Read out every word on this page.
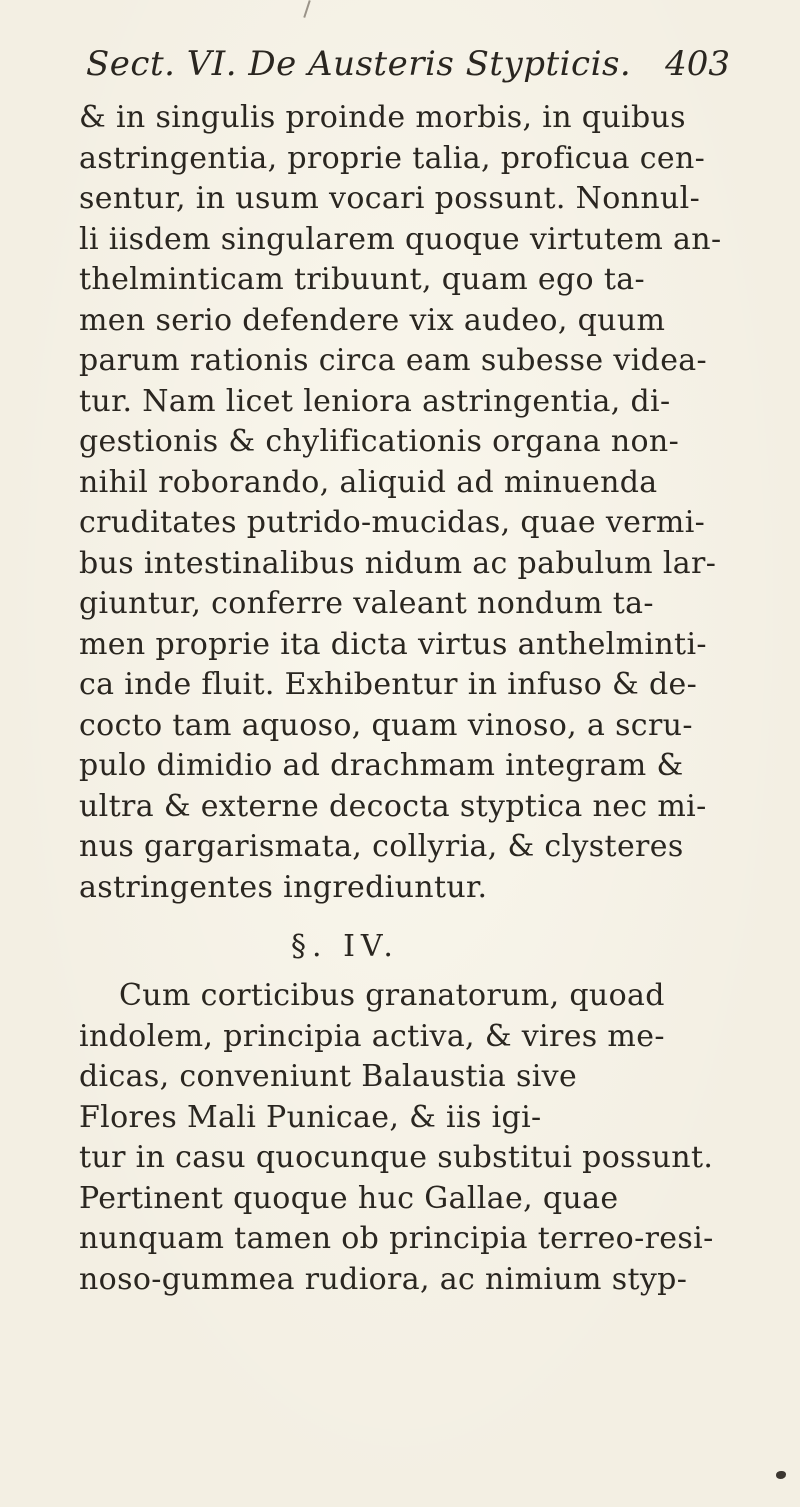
Sect. VI. De Austeris Stypticis. 403
& in singulis proinde morbis, in quibus
astringentia, proprie talia, proficua cen-
sentur, in usum vocari possunt. Nonnul-
li iisdem singularem quoque virtutem an-
thelminticam tribuunt, quam ego ta-
men serio defendere vix audeo, quum
parum rationis circa eam subesse videa-
tur. Nam licet leniora astringentia, di-
gestionis & chylificationis organa non-
nihil roborando, aliquid ad minuenda
cruditates putrido-mucidas, quae vermi-
bus intestinalibus nidum ac pabulum lar-
giuntur, conferre valeant nondum ta-
men proprie ita dicta virtus anthelminti-
ca inde fluit. Exhibentur in infuso & de-
cocto tam aquoso, quam vinoso, a scru-
pulo dimidio ad drachmam integram &
ultra & externe decocta styptica nec mi-
nus gargarismata, collyria, & clysteres
astringentes ingrediuntur.
§. IV.
Cum corticibus granatorum, quoad
indolem, principia activa, & vires me-
dicas, conveniunt Balaustia sive
Flores Mali Punicae, & iis igi-
tur in casu quocunque substitui possunt.
Pertinent quoque huc Gallae, quae
nunquam tamen ob principia terreo-resi-
noso-gummea rudiora, ac nimium styp-
